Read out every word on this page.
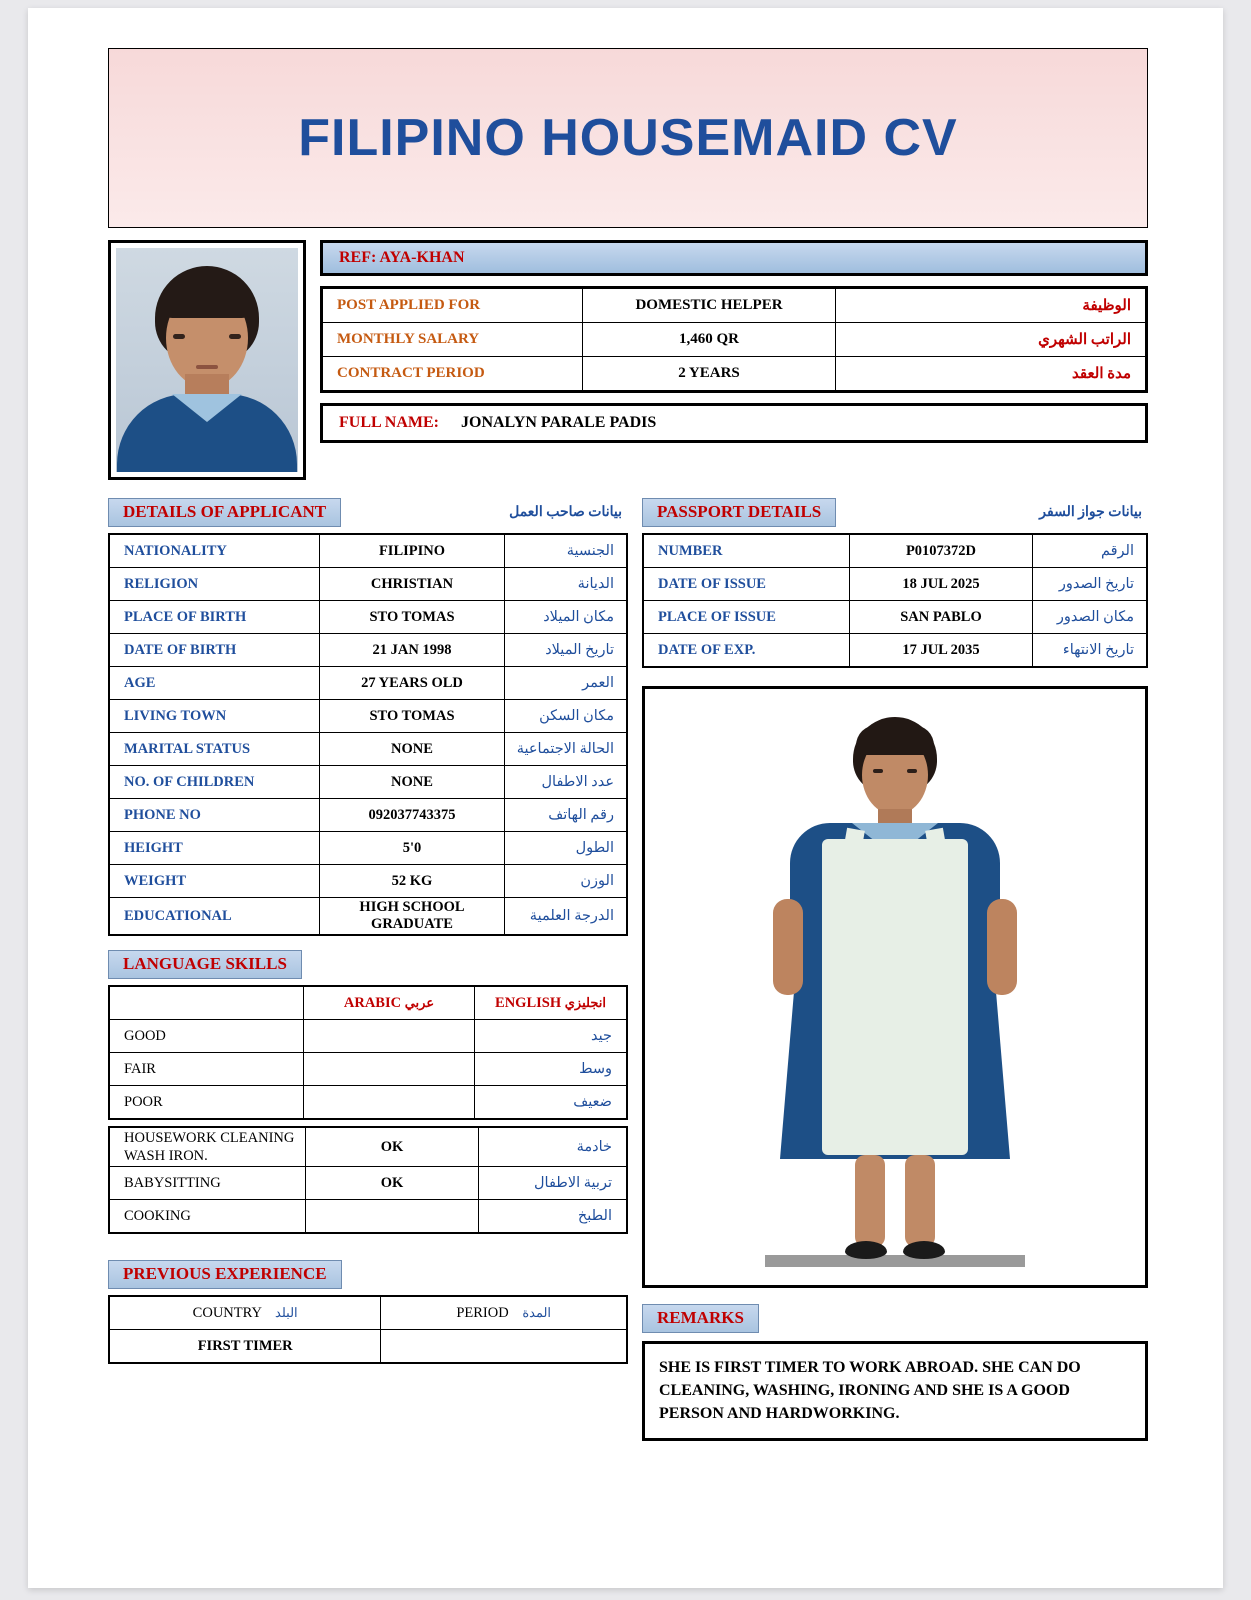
FILIPINO HOUSEMAID CV
REF: AYA-KHAN
POST APPLIED FOR	DOMESTIC HELPER	الوظيفة
MONTHLY SALARY	1,460 QR	الراتب الشهري
CONTRACT PERIOD	2 YEARS	مدة العقد
FULL NAME: JONALYN PARALE PADIS
DETAILS OF APPLICANT	بيانات صاحب العمل
NATIONALITY	FILIPINO	الجنسية
RELIGION	CHRISTIAN	الديانة
PLACE OF BIRTH	STO TOMAS	مكان الميلاد
DATE OF BIRTH	21 JAN 1998	تاريخ الميلاد
AGE	27 YEARS OLD	العمر
LIVING TOWN	STO TOMAS	مكان السكن
MARITAL STATUS	NONE	الحالة الاجتماعية
NO. OF CHILDREN	NONE	عدد الاطفال
PHONE NO	092037743375	رقم الهاتف
HEIGHT	5'0	الطول
WEIGHT	52 KG	الوزن
EDUCATIONAL	HIGH SCHOOL GRADUATE	الدرجة العلمية
LANGUAGE SKILLS
	ARABIC عربي	ENGLISH انجليزي
GOOD		جيد
FAIR		وسط
POOR		ضعيف
HOUSEWORK CLEANING WASH IRON.	OK	خادمة
BABYSITTING	OK	تربية الاطفال
COOKING		الطبخ
PREVIOUS EXPERIENCE
COUNTRY البلد	PERIOD المدة
FIRST TIMER	
PASSPORT DETAILS	بيانات جواز السفر
NUMBER	P0107372D	الرقم
DATE OF ISSUE	18 JUL 2025	تاريخ الصدور
PLACE OF ISSUE	SAN PABLO	مكان الصدور
DATE OF EXP.	17 JUL 2035	تاريخ الانتهاء
REMARKS
SHE IS FIRST TIMER TO WORK ABROAD. SHE CAN DO CLEANING, WASHING, IRONING AND SHE IS A GOOD PERSON AND HARDWORKING.
